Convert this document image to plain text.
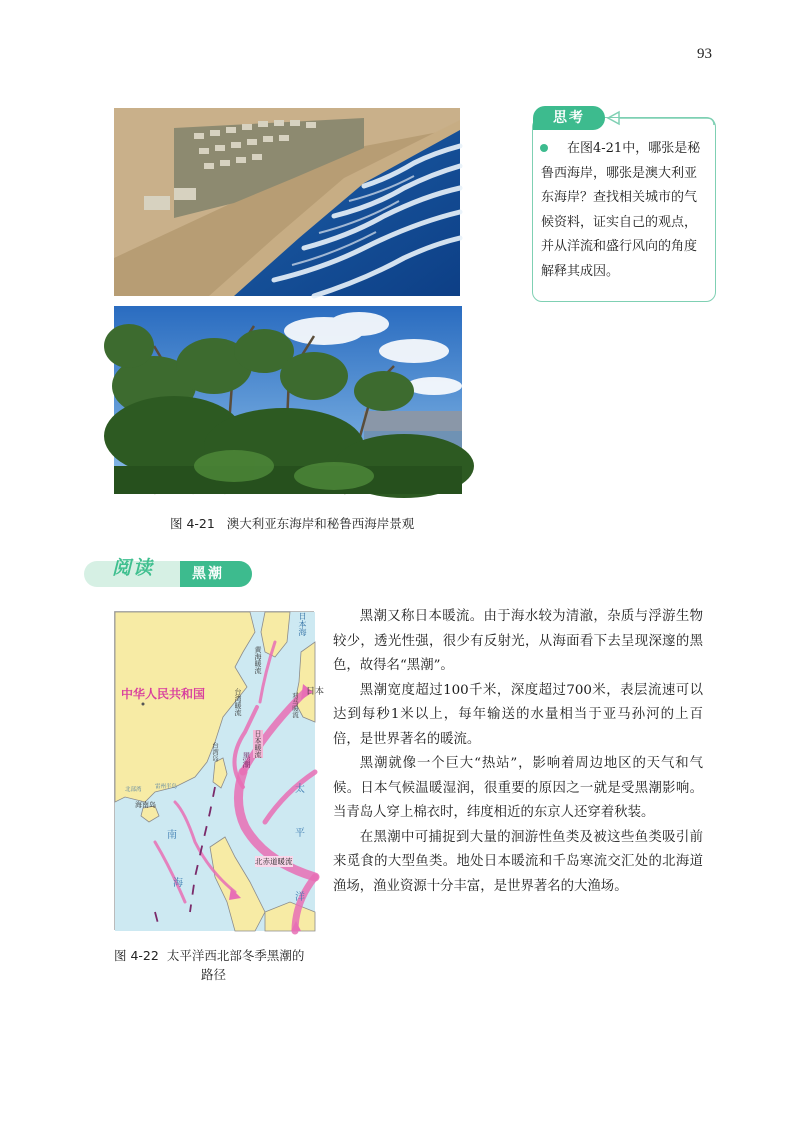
93
图 4-21 澳大利亚东海岸和秘鲁西海岸景观
思考
在图4-21中，哪张是秘鲁西海岸，哪张是澳大利亚东海岸？查找相关城市的气候资料，证实自己的观点，并从洋流和盛行风向的角度解释其成因。
阅读	黑潮
中华人民共和国
日本海
日本
黄海暖流
对马暖流
台湾暖流
台湾岛	日本暖流
黑潮
海南岛
北部湾 雷州半岛
北赤道暖流
南
海
太
平
洋
图 4-22 太平洋西北部冬季黑潮的
路径

黑潮又称日本暖流。由于海水较为清澈，杂质与浮游生物较少，透光性强，很少有反射光，从海面看下去呈现深邃的黑色，故得名“黑潮”。

黑潮宽度超过100千米，深度超过700米，表层流速可以达到每秒1米以上，每年输送的水量相当于亚马孙河的上百倍，是世界著名的暖流。

黑潮就像一个巨大“热站”，影响着周边地区的天气和气候。日本气候温暖湿润，很重要的原因之一就是受黑潮影响。当青岛人穿上棉衣时，纬度相近的东京人还穿着秋装。

在黑潮中可捕捉到大量的洄游性鱼类及被这些鱼类吸引前来觅食的大型鱼类。地处日本暖流和千岛寒流交汇处的北海道渔场，渔业资源十分丰富，是世界著名的大渔场。
